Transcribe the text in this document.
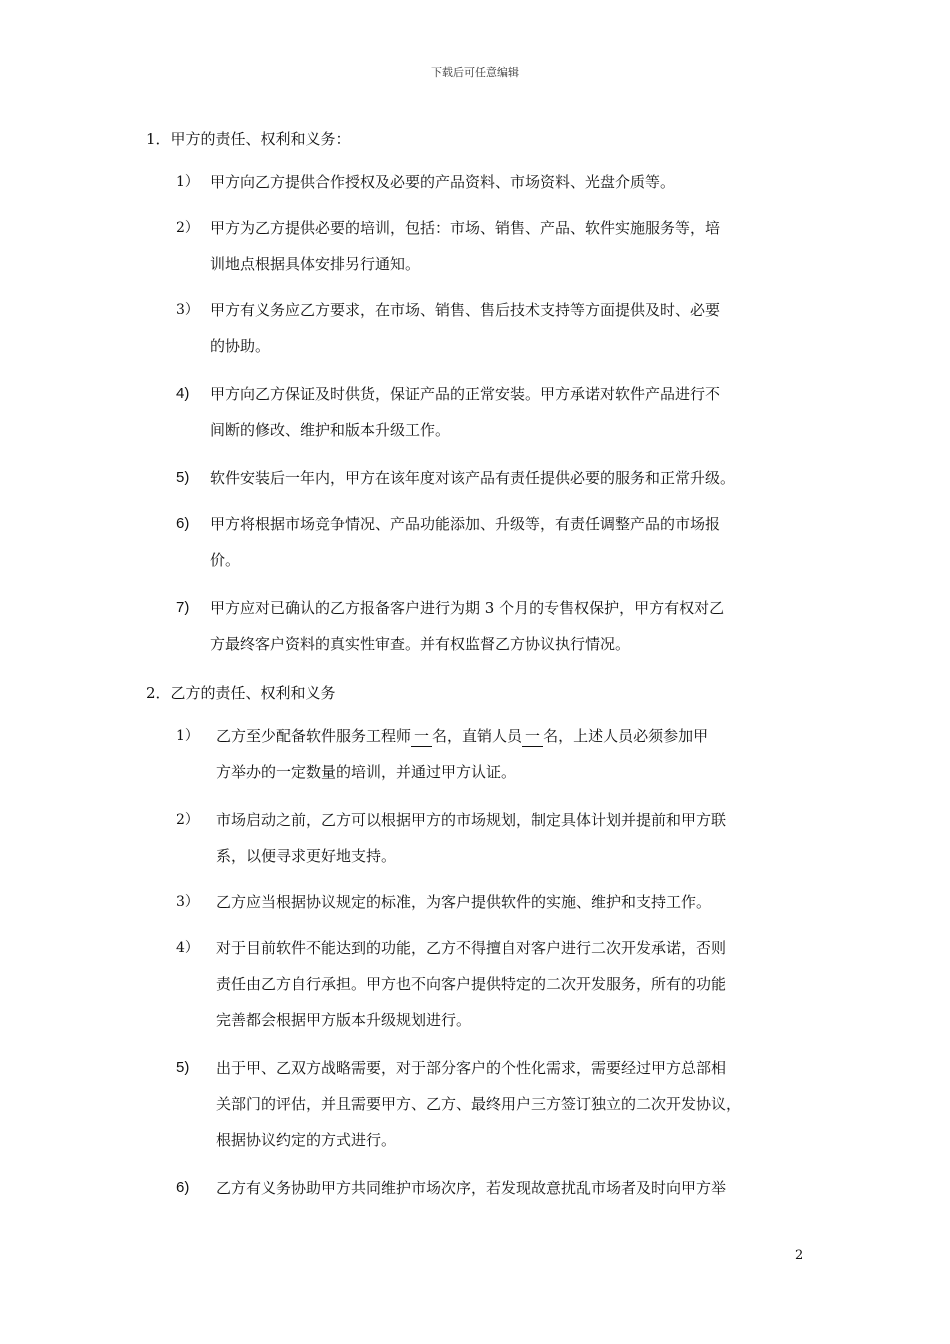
下载后可任意编辑
1．甲方的责任、权利和义务：
1） 甲方向乙方提供合作授权及必要的产品资料、市场资料、光盘介质等。
2） 甲方为乙方提供必要的培训，包括：市场、销售、产品、软件实施服务等，培
训地点根据具体安排另行通知。
3） 甲方有义务应乙方要求，在市场、销售、售后技术支持等方面提供及时、必要
的协助。
4) 甲方向乙方保证及时供货，保证产品的正常安装。甲方承诺对软件产品进行不
间断的修改、维护和版本升级工作。
5) 软件安装后一年内，甲方在该年度对该产品有责任提供必要的服务和正常升级。
6) 甲方将根据市场竞争情况、产品功能添加、升级等，有责任调整产品的市场报
价。
7) 甲方应对已确认的乙方报备客户进行为期 3 个月的专售权保护，甲方有权对乙
方最终客户资料的真实性审查。并有权监督乙方协议执行情况。
2．乙方的责任、权利和义务
1） 乙方至少配备软件服务工程师 一 名，直销人员 一 名，上述人员必须参加甲
方举办的一定数量的培训，并通过甲方认证。
2） 市场启动之前，乙方可以根据甲方的市场规划，制定具体计划并提前和甲方联
系，以便寻求更好地支持。
3） 乙方应当根据协议规定的标准，为客户提供软件的实施、维护和支持工作。
4） 对于目前软件不能达到的功能，乙方不得擅自对客户进行二次开发承诺，否则
责任由乙方自行承担。甲方也不向客户提供特定的二次开发服务，所有的功能
完善都会根据甲方版本升级规划进行。
5) 出于甲、乙双方战略需要，对于部分客户的个性化需求，需要经过甲方总部相
关部门的评估，并且需要甲方、乙方、最终用户三方签订独立的二次开发协议，
根据协议约定的方式进行。
6) 乙方有义务协助甲方共同维护市场次序，若发现故意扰乱市场者及时向甲方举
2
